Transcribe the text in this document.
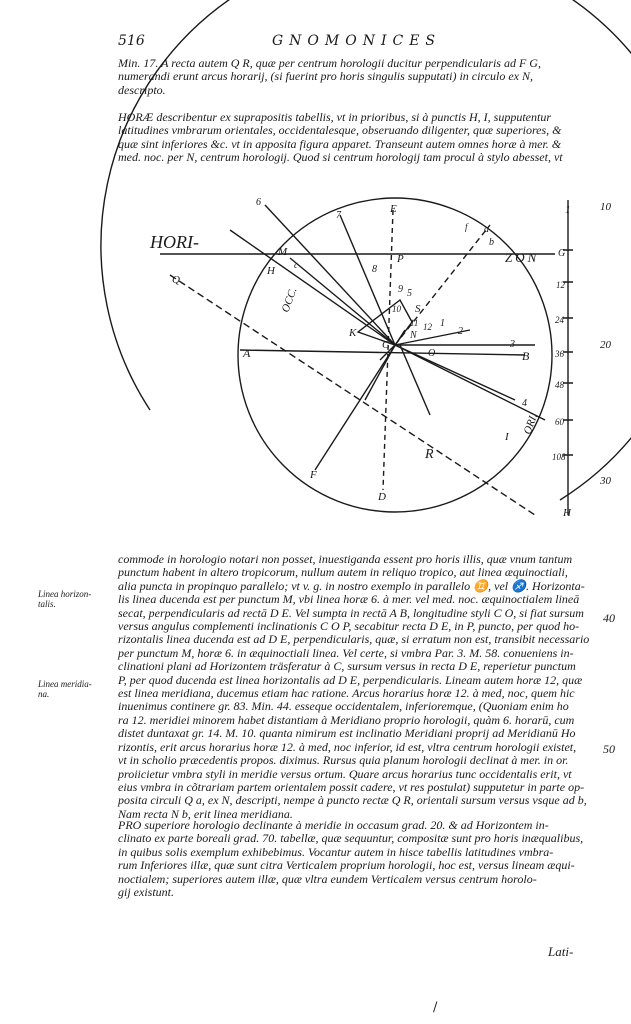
516	GNOMONICES
Min. 17. A recta autem Q R, quæ per centrum horologii ducitur perpendicularis ad F G,
numerandi erunt arcus horarij, (si fuerint pro horis singulis supputati) in circulo ex N,
descripto.
HORÆ describentur ex suprapositis tabellis, vt in prioribus, si à punctis H, I, supputentur
latitudines vmbrarum orientales, occidentalesque, obseruando diligenter, quæ superiores, &
quæ sint inferiores &c. vt in apposita figura apparet. Transeunt autem omnes horæ à mer. &
med. noc. per N, centrum horologij. Quod si centrum horologij tam procul à stylo abesset, vt
HORI-
ZON
M
H
P
E
A	B
C
D
F
I
K
Q
R
N
O
S
G
a
b
c
f
6
7
8
9
10
11 12 1
2
3
4
5
OCC.
ORI.
1
12
24
36
48
60
108
H
10
20
30
commode in horologio notari non posset, inuestiganda essent pro horis illis, quæ vnum tantum
punctum habent in altero tropicorum, nullum autem in reliquo tropico, aut linea æquinoctiali,
alia puncta in propinquo parallelo; vt v. g. in nostro exemplo in parallelo ♊, vel ♐. Horizonta-
lis linea ducenda est per punctum M, vbi linea horæ 6. à mer. vel med. noc. æquinoctialem lineā
secat, perpendicularis ad rectā D E. Vel sumpta in rectā A B, longitudine styli C O, si fiat sursum
versus angulus complementi inclinationis C O P, secabitur recta D E, in P, puncto, per quod ho-
rizontalis linea ducenda est ad D E, perpendicularis, quæ, si erratum non est, transibit necessario
per punctum M, horæ 6. in æquinoctiali linea. Vel certe, si vmbra Par. 3. M. 58. conueniens in-
clinationi plani ad Horizontem träsferatur à C, sursum versus in recta D E, reperietur punctum
P, per quod ducenda est linea horizontalis ad D E, perpendicularis. Lineam autem horæ 12, quæ
est linea meridiana, ducemus etiam hac ratione. Arcus horarius horæ 12. à med, noc, quem hic
inuenimus continere gr. 83. Min. 44. esseque occidentalem, inferioremque, (Quoniam enim ho
ra 12. meridiei minorem habet distantiam à Meridiano proprio horologii, quàm 6. horarū, cum
distet duntaxat gr. 14. M. 10. quanta nimirum est inclinatio Meridiani proprij ad Meridianū Ho
rizontis, erit arcus horarius horæ 12. à med, noc inferior, id est, vltra centrum horologii existet,
vt in scholio præcedentis propos. diximus. Rursus quia planum horologii declinat à mer. in or.
proiicietur vmbra styli in meridie versus ortum. Quare arcus horarius tunc occidentalis erit, vt
eius vmbra in cõtrariam partem orientalem possit cadere, vt res postulat) supputetur in parte op-
posita circuli Q a, ex N, descripti, nempe à puncto rectæ Q R, orientali sursum versus vsque ad b,
Nam recta N b, erit linea meridiana.
PRO superiore horologio declinante à meridie in occasum grad. 20. & ad Horizontem in-
clinato ex parte boreali grad. 70. tabellæ, quæ sequuntur, compositæ sunt pro horis inæqualibus,
in quibus solis exemplum exhibebimus. Vocantur autem in hisce tabellis latitudines vmbra-
rum Inferiores illæ, quæ sunt citra Verticalem proprium horologii, hoc est, versus lineam æqui-
noctialem; superiores autem illæ, quæ vltra eundem Verticalem versus centrum horolo-
gij existunt.
Linea horizon-talis.
Linea meridia-na.
40
50
Lati-
/
